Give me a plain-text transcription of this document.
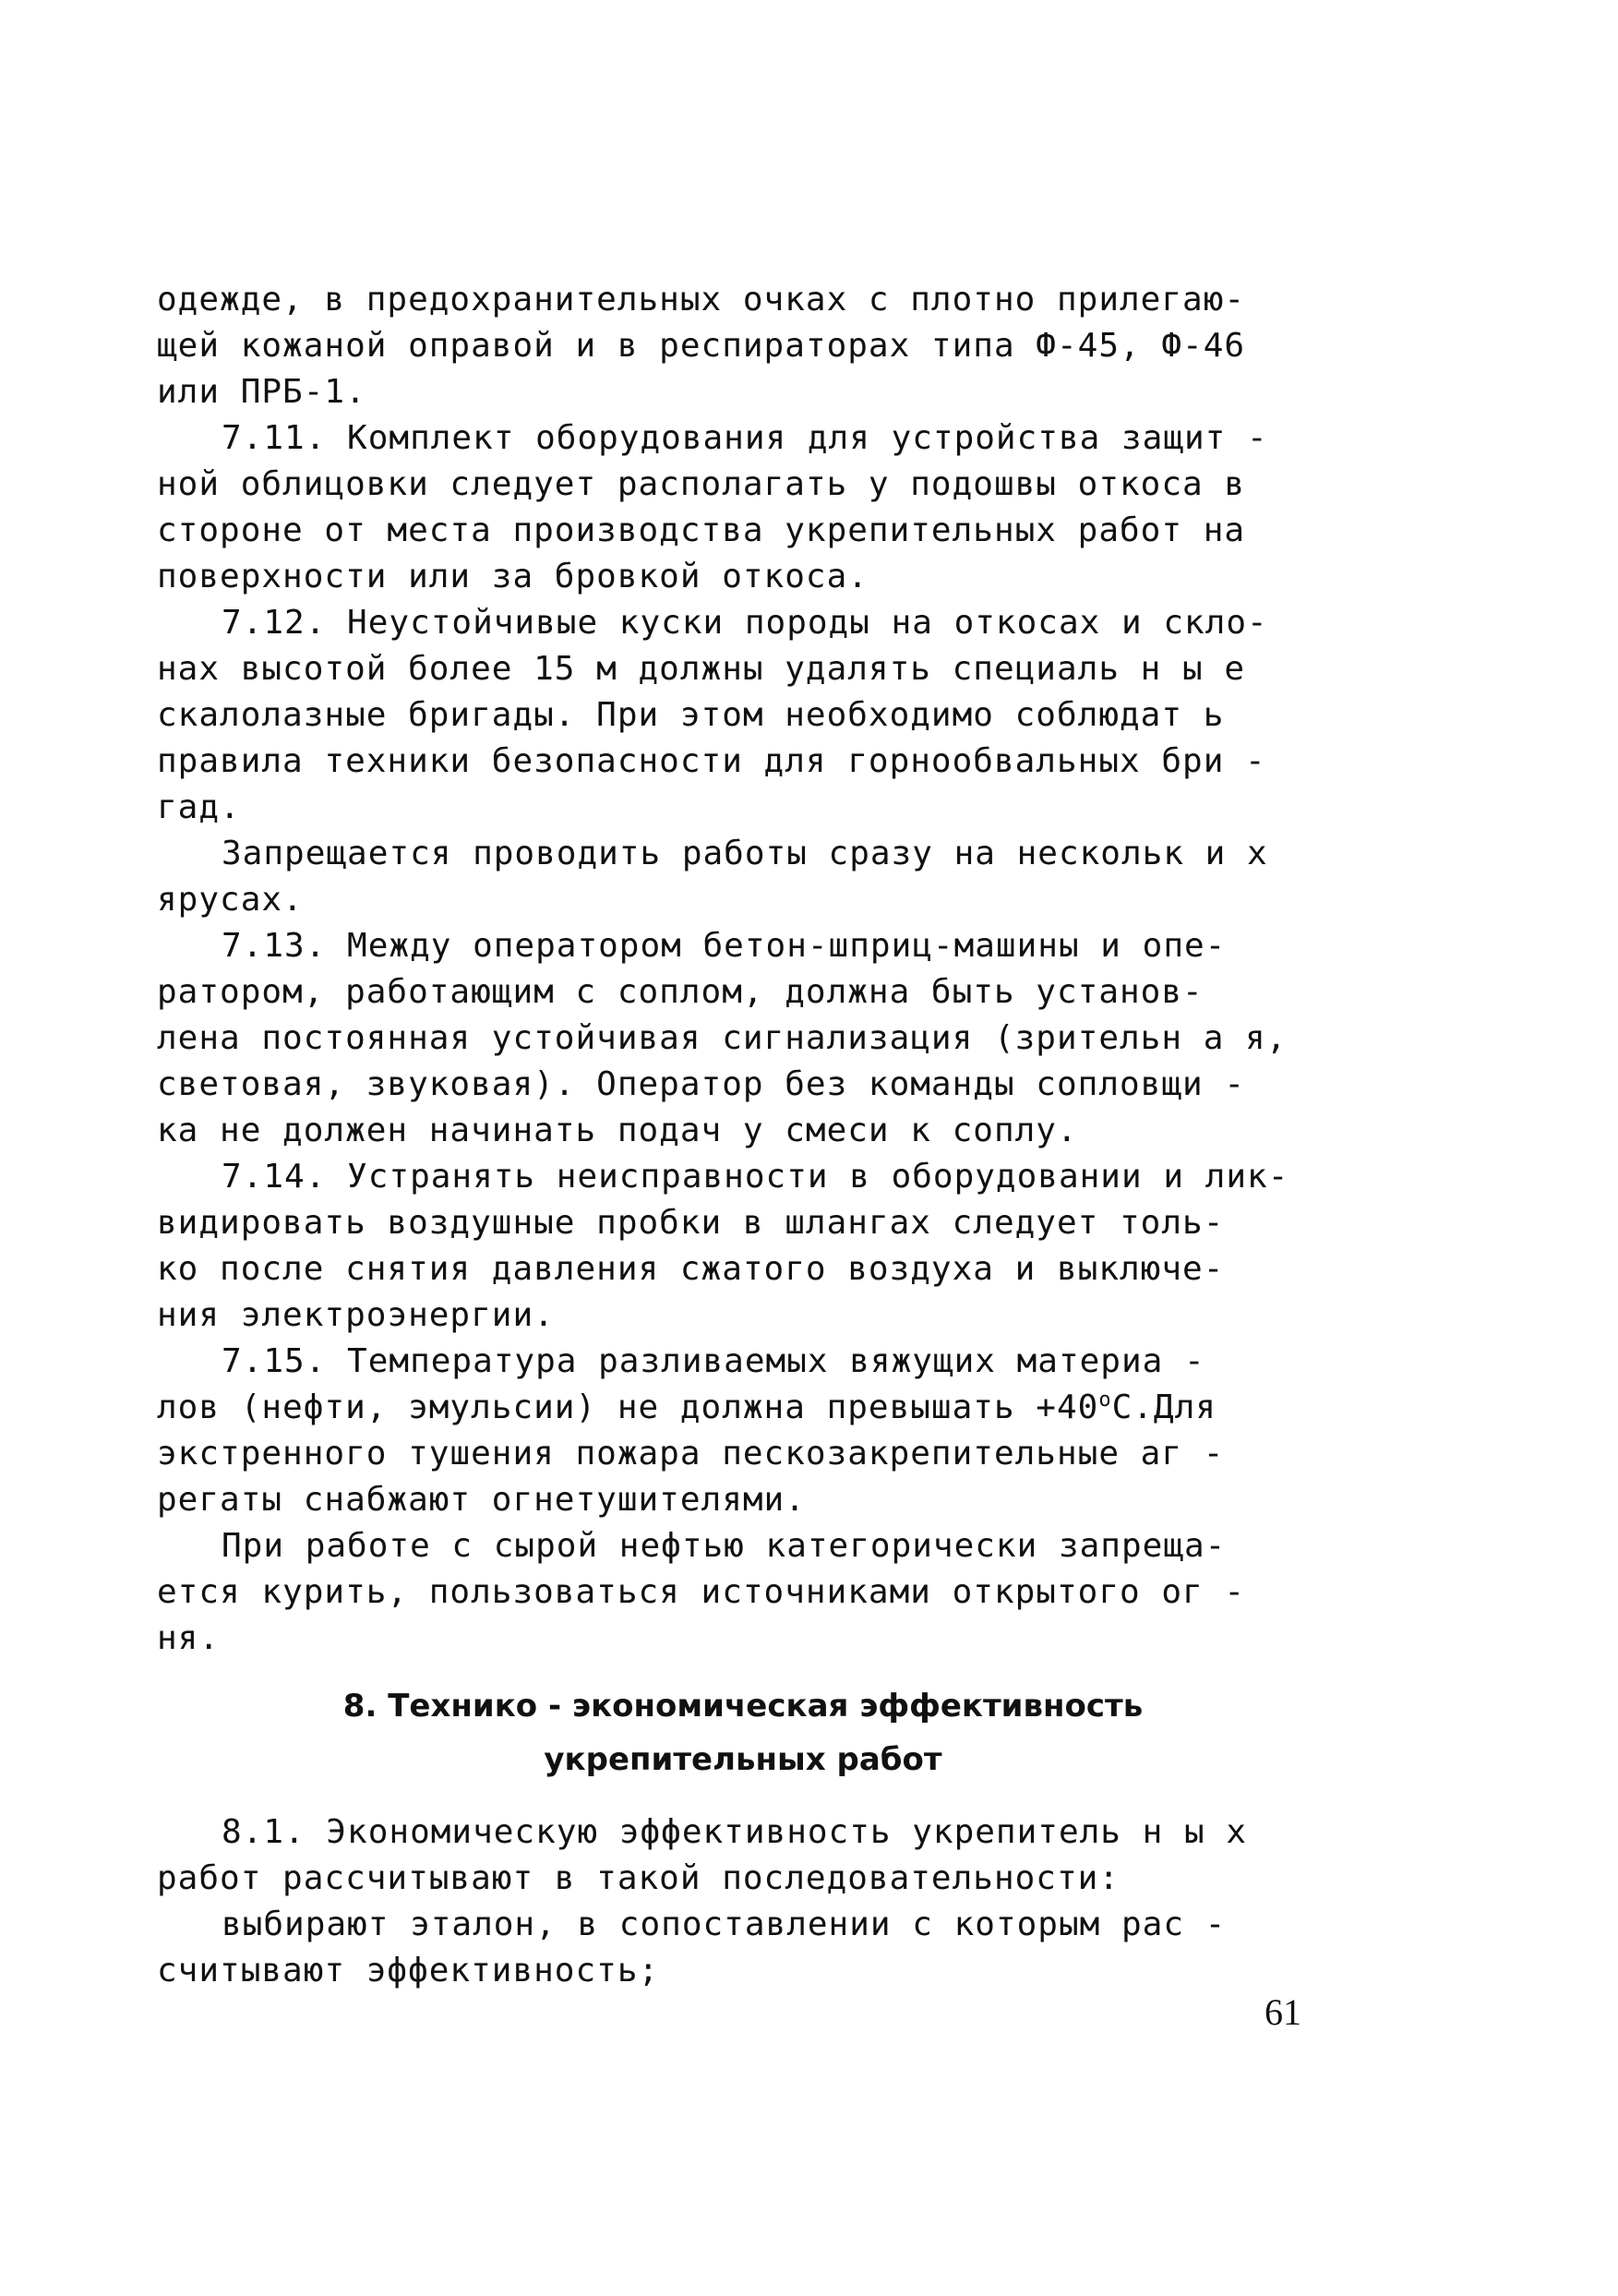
одежде, в предохранительных очках с плотно прилегаю-
щей кожаной оправой и в респираторах типа Ф-45, Ф-46
или ПРБ-1.
7.11. Комплект оборудования для устройства защит -
ной облицовки следует располагать у подошвы откоса в
стороне от места производства укрепительных работ на
поверхности или за бровкой откоса.
7.12. Неустойчивые куски породы на откосах и скло-
нах высотой более 15 м должны удалять специаль н ы е
скалолазные бригады. При этом необходимо соблюдат ь
правила техники безопасности для горнообвальных бри -
гад.
Запрещается проводить работы сразу на нескольк и х
ярусах.
7.13. Между оператором бетон-шприц-машины и опе-
ратором, работающим с соплом, должна быть установ-
лена постоянная устойчивая сигнализация (зрительн а я,
световая, звуковая). Оператор без команды сопловщи -
ка не должен начинать подач у смеси к соплу.
7.14. Устранять неисправности в оборудовании и лик-
видировать воздушные пробки в шлангах следует толь-
ко после снятия давления сжатого воздуха и выключе-
ния электроэнергии.
7.15. Температура разливаемых вяжущих материа -
лов (нефти, эмульсии) не должна превышать $+40^оС.Для$
экстренного тушения пожара пескозакрепительные аг -
регаты снабжают огнетушителями.
При работе с сырой нефтью категорически запреща-
ется курить, пользоваться источниками открытого ог -
ня.
8. Технико - экономическая эффективность
укрепительных работ
8.1. Экономическую эффективность укрепитель н ы х
работ рассчитывают в такой последовательности:
выбирают эталон, в сопоставлении с которым рас -
считывают эффективность;
61
